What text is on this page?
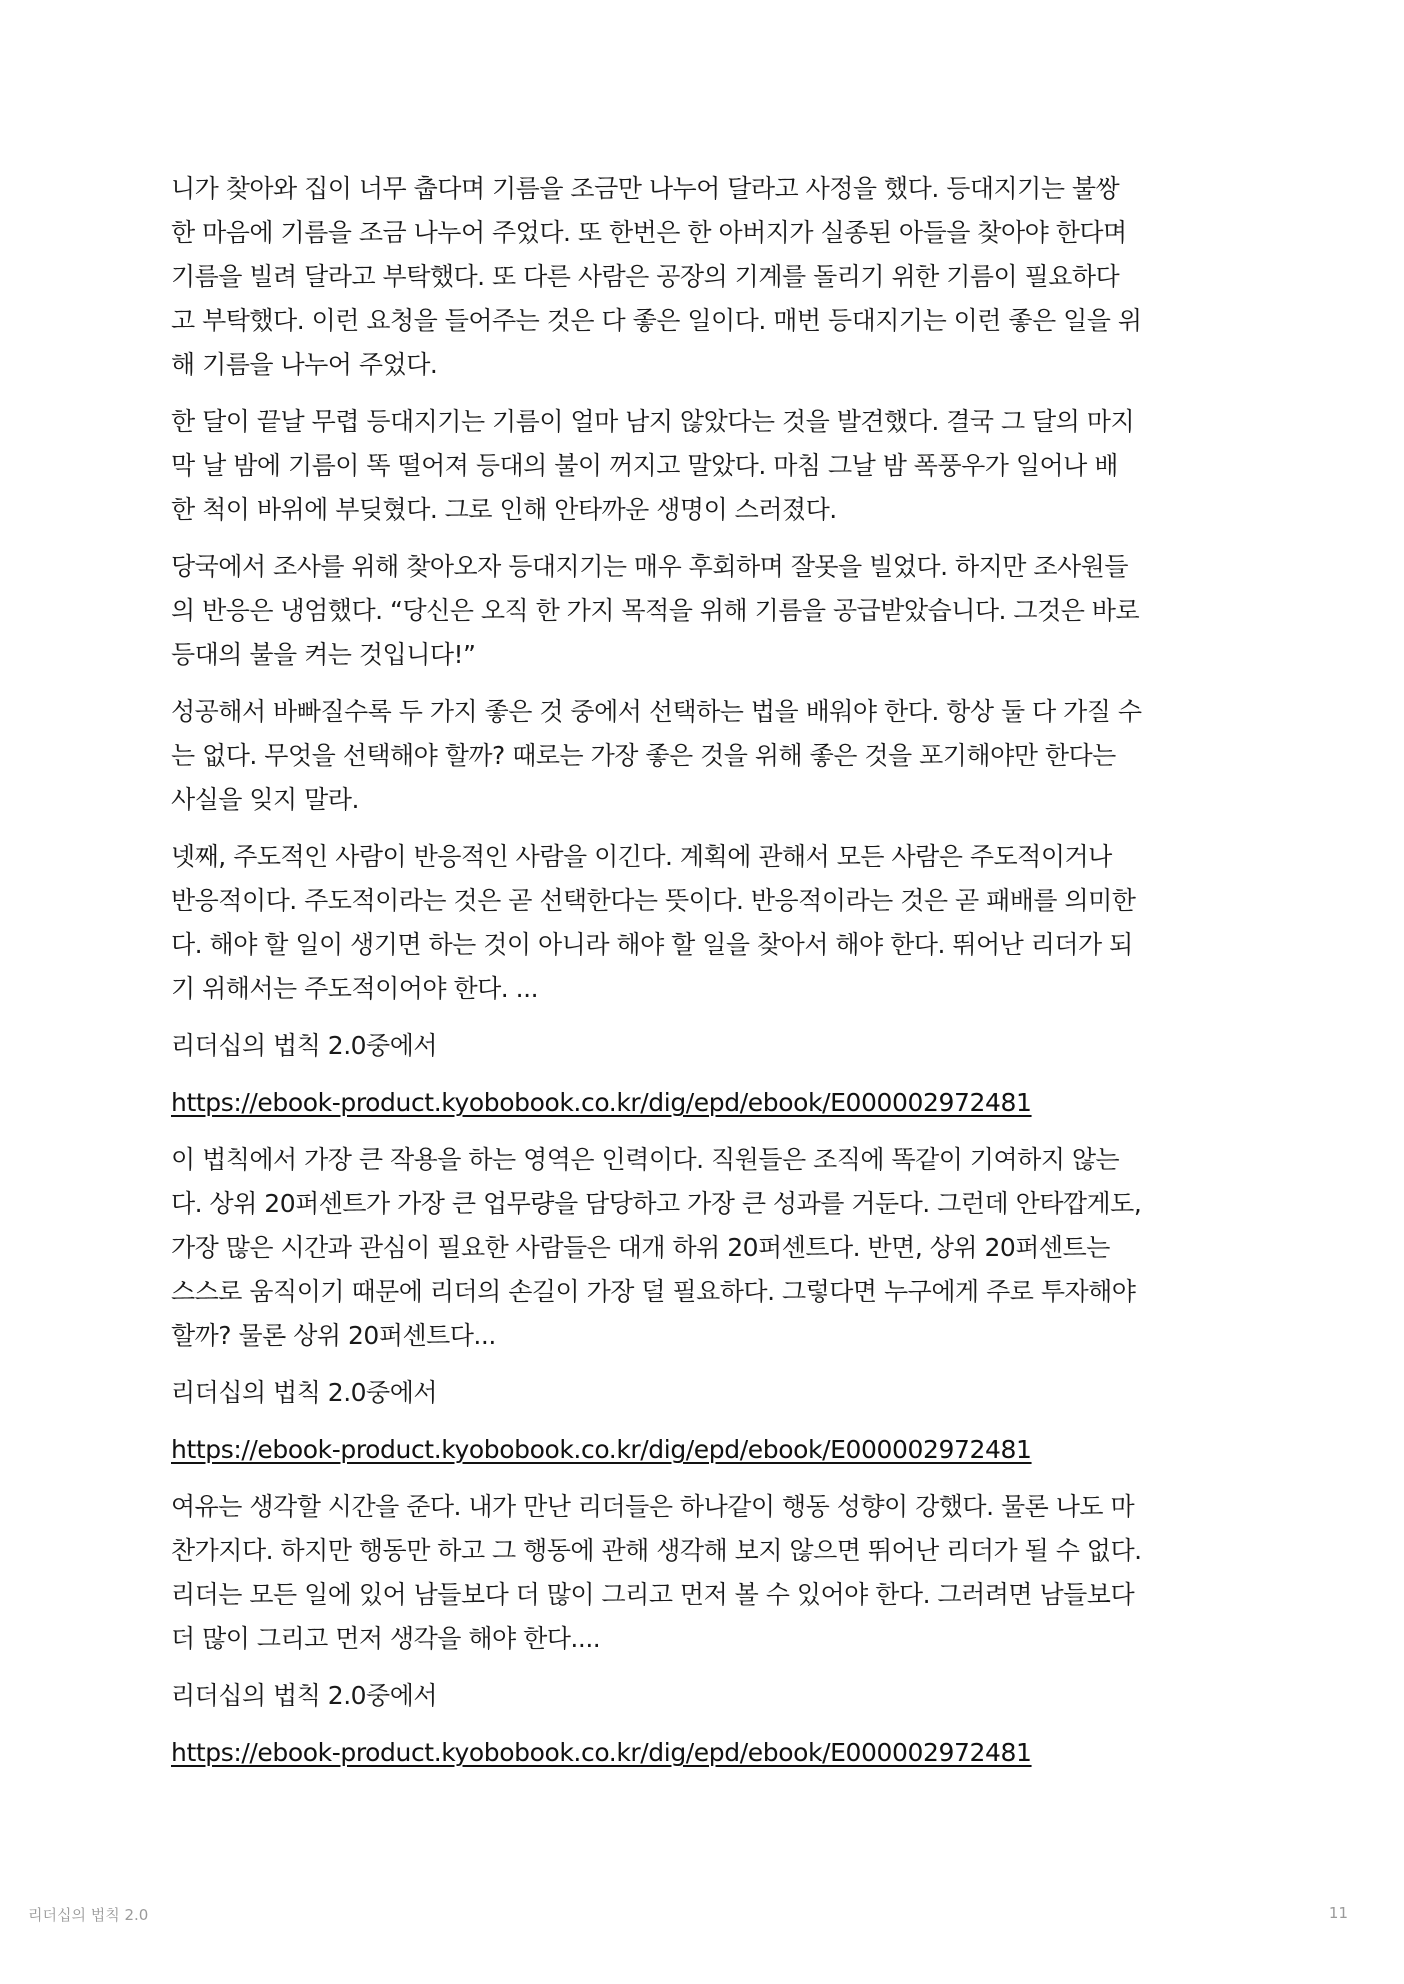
니가 찾아와 집이 너무 춥다며 기름을 조금만 나누어 달라고 사정을 했다. 등대지기는 불쌍
한 마음에 기름을 조금 나누어 주었다. 또 한번은 한 아버지가 실종된 아들을 찾아야 한다며
기름을 빌려 달라고 부탁했다. 또 다른 사람은 공장의 기계를 돌리기 위한 기름이 필요하다
고 부탁했다. 이런 요청을 들어주는 것은 다 좋은 일이다. 매번 등대지기는 이런 좋은 일을 위
해 기름을 나누어 주었다.

한 달이 끝날 무렵 등대지기는 기름이 얼마 남지 않았다는 것을 발견했다. 결국 그 달의 마지
막 날 밤에 기름이 똑 떨어져 등대의 불이 꺼지고 말았다. 마침 그날 밤 폭풍우가 일어나 배
한 척이 바위에 부딪혔다. 그로 인해 안타까운 생명이 스러졌다.

당국에서 조사를 위해 찾아오자 등대지기는 매우 후회하며 잘못을 빌었다. 하지만 조사원들
의 반응은 냉엄했다. “당신은 오직 한 가지 목적을 위해 기름을 공급받았습니다. 그것은 바로
등대의 불을 켜는 것입니다!”

성공해서 바빠질수록 두 가지 좋은 것 중에서 선택하는 법을 배워야 한다. 항상 둘 다 가질 수
는 없다. 무엇을 선택해야 할까? 때로는 가장 좋은 것을 위해 좋은 것을 포기해야만 한다는
사실을 잊지 말라.

넷째, 주도적인 사람이 반응적인 사람을 이긴다. 계획에 관해서 모든 사람은 주도적이거나
반응적이다. 주도적이라는 것은 곧 선택한다는 뜻이다. 반응적이라는 것은 곧 패배를 의미한
다. 해야 할 일이 생기면 하는 것이 아니라 해야 할 일을 찾아서 해야 한다. 뛰어난 리더가 되
기 위해서는 주도적이어야 한다. ...

리더십의 법칙 2.0중에서

https://ebook-product.kyobobook.co.kr/dig/epd/ebook/E000002972481

이 법칙에서 가장 큰 작용을 하는 영역은 인력이다. 직원들은 조직에 똑같이 기여하지 않는
다. 상위 20퍼센트가 가장 큰 업무량을 담당하고 가장 큰 성과를 거둔다. 그런데 안타깝게도,
가장 많은 시간과 관심이 필요한 사람들은 대개 하위 20퍼센트다. 반면, 상위 20퍼센트는
스스로 움직이기 때문에 리더의 손길이 가장 덜 필요하다. 그렇다면 누구에게 주로 투자해야
할까? 물론 상위 20퍼센트다...

리더십의 법칙 2.0중에서

https://ebook-product.kyobobook.co.kr/dig/epd/ebook/E000002972481

여유는 생각할 시간을 준다. 내가 만난 리더들은 하나같이 행동 성향이 강했다. 물론 나도 마
찬가지다. 하지만 행동만 하고 그 행동에 관해 생각해 보지 않으면 뛰어난 리더가 될 수 없다.
리더는 모든 일에 있어 남들보다 더 많이 그리고 먼저 볼 수 있어야 한다. 그러려면 남들보다
더 많이 그리고 먼저 생각을 해야 한다....

리더십의 법칙 2.0중에서

https://ebook-product.kyobobook.co.kr/dig/epd/ebook/E000002972481
리더십의 법칙 2.0	11
